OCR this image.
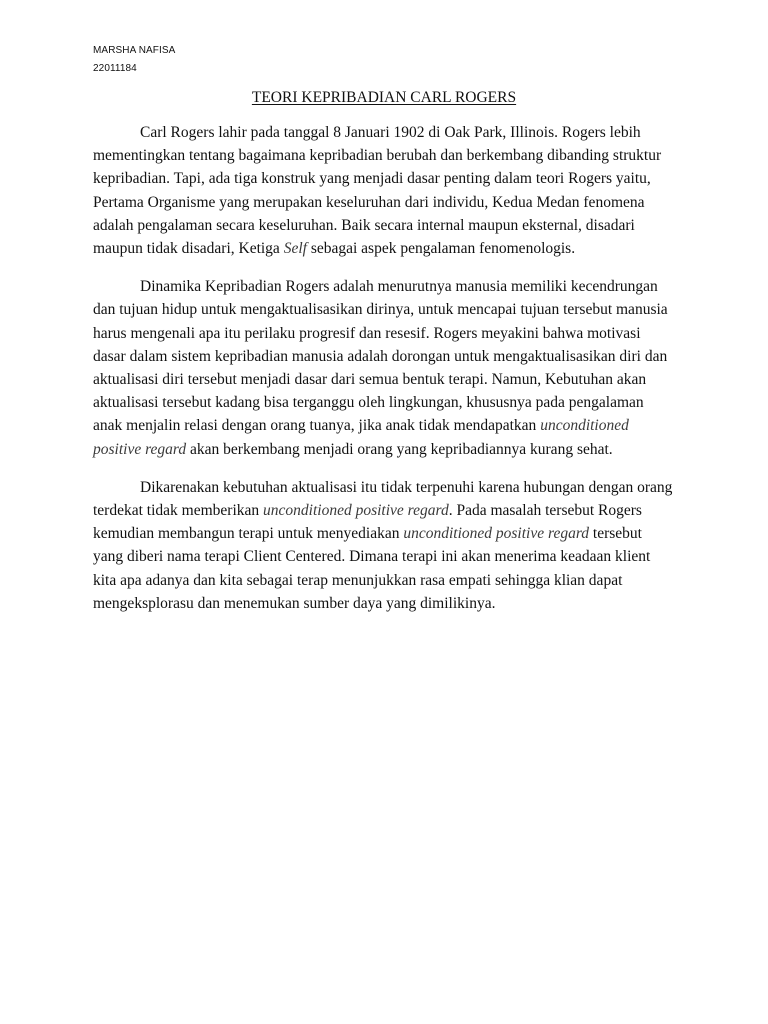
MARSHA NAFISA
22011184
TEORI KEPRIBADIAN CARL ROGERS

Carl Rogers lahir pada tanggal 8 Januari 1902 di Oak Park, Illinois. Rogers lebih mementingkan tentang bagaimana kepribadian berubah dan berkembang dibanding struktur kepribadian. Tapi, ada tiga konstruk yang menjadi dasar penting dalam teori Rogers yaitu, Pertama Organisme yang merupakan keseluruhan dari individu, Kedua Medan fenomena adalah pengalaman secara keseluruhan. Baik secara internal maupun eksternal, disadari maupun tidak disadari, Ketiga Self sebagai aspek pengalaman fenomenologis.

Dinamika Kepribadian Rogers adalah menurutnya manusia memiliki kecendrungan dan tujuan hidup untuk mengaktualisasikan dirinya, untuk mencapai tujuan tersebut manusia harus mengenali apa itu perilaku progresif dan resesif. Rogers meyakini bahwa motivasi dasar dalam sistem kepribadian manusia adalah dorongan untuk mengaktualisasikan diri dan aktualisasi diri tersebut menjadi dasar dari semua bentuk terapi. Namun, Kebutuhan akan aktualisasi tersebut kadang bisa terganggu oleh lingkungan, khususnya pada pengalaman anak menjalin relasi dengan orang tuanya, jika anak tidak mendapatkan unconditioned positive regard akan berkembang menjadi orang yang kepribadiannya kurang sehat.

Dikarenakan kebutuhan aktualisasi itu tidak terpenuhi karena hubungan dengan orang terdekat tidak memberikan unconditioned positive regard. Pada masalah tersebut Rogers kemudian membangun terapi untuk menyediakan unconditioned positive regard tersebut yang diberi nama terapi Client Centered. Dimana terapi ini akan menerima keadaan klient kita apa adanya dan kita sebagai terap menunjukkan rasa empati sehingga klian dapat mengeksplorasu dan menemukan sumber daya yang dimilikinya.
